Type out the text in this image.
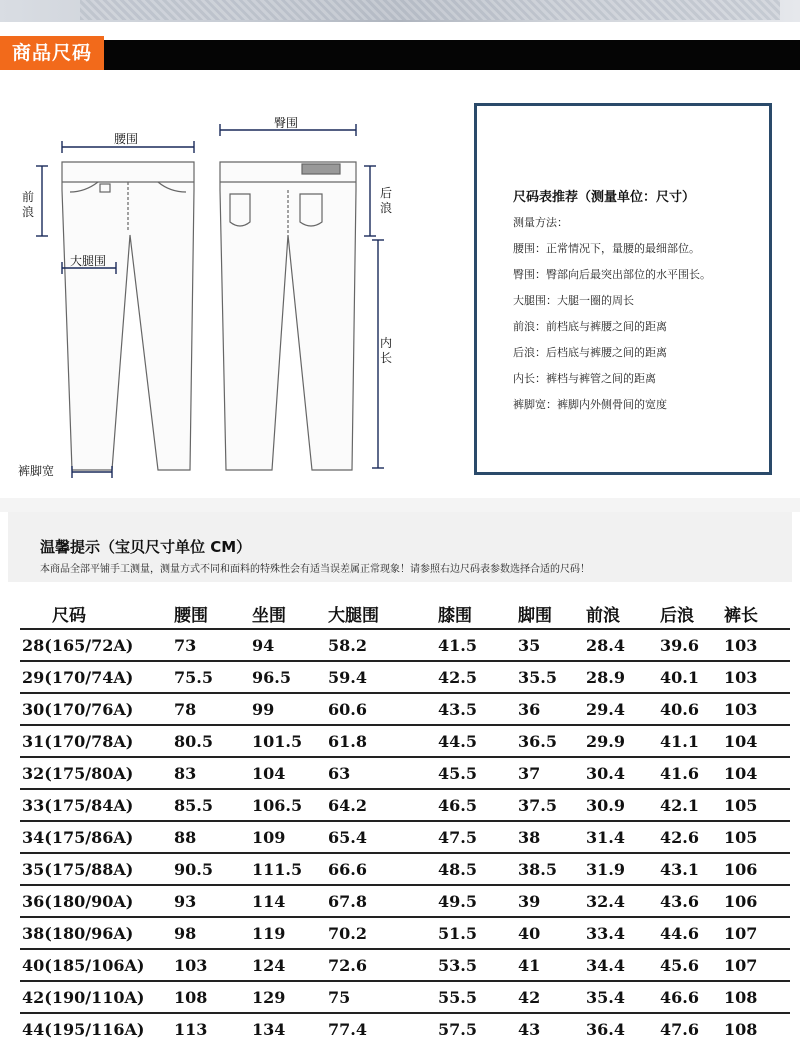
商品尺码
腰围
臀围
前浪
后浪
大腿围
内长
裤脚宽
尺码表推荐（测量单位：尺寸）
测量方法：
腰围：正常情况下，量腰的最细部位。
臀围：臀部向后最突出部位的水平围长。
大腿围：大腿一圈的周长
前浪：前档底与裤腰之间的距离
后浪：后档底与裤腰之间的距离
内长：裤档与裤管之间的距离
裤脚宽：裤脚内外侧骨间的宽度
温馨提示（宝贝尺寸单位 CM）
本商品全部平铺手工测量，测量方式不同和面料的特殊性会有适当误差属正常现象！请参照右边尺码表参数选择合适的尺码！
尺码	腰围	坐围	大腿围	膝围	脚围	前浪	后浪	裤长
28(165/72A)	73	94	58.2	41.5	35	28.4	39.6	103
29(170/74A)	75.5	96.5	59.4	42.5	35.5	28.9	40.1	103
30(170/76A)	78	99	60.6	43.5	36	29.4	40.6	103
31(170/78A)	80.5	101.5	61.8	44.5	36.5	29.9	41.1	104
32(175/80A)	83	104	63	45.5	37	30.4	41.6	104
33(175/84A)	85.5	106.5	64.2	46.5	37.5	30.9	42.1	105
34(175/86A)	88	109	65.4	47.5	38	31.4	42.6	105
35(175/88A)	90.5	111.5	66.6	48.5	38.5	31.9	43.1	106
36(180/90A)	93	114	67.8	49.5	39	32.4	43.6	106
38(180/96A)	98	119	70.2	51.5	40	33.4	44.6	107
40(185/106A)	103	124	72.6	53.5	41	34.4	45.6	107
42(190/110A)	108	129	75	55.5	42	35.4	46.6	108
44(195/116A)	113	134	77.4	57.5	43	36.4	47.6	108
